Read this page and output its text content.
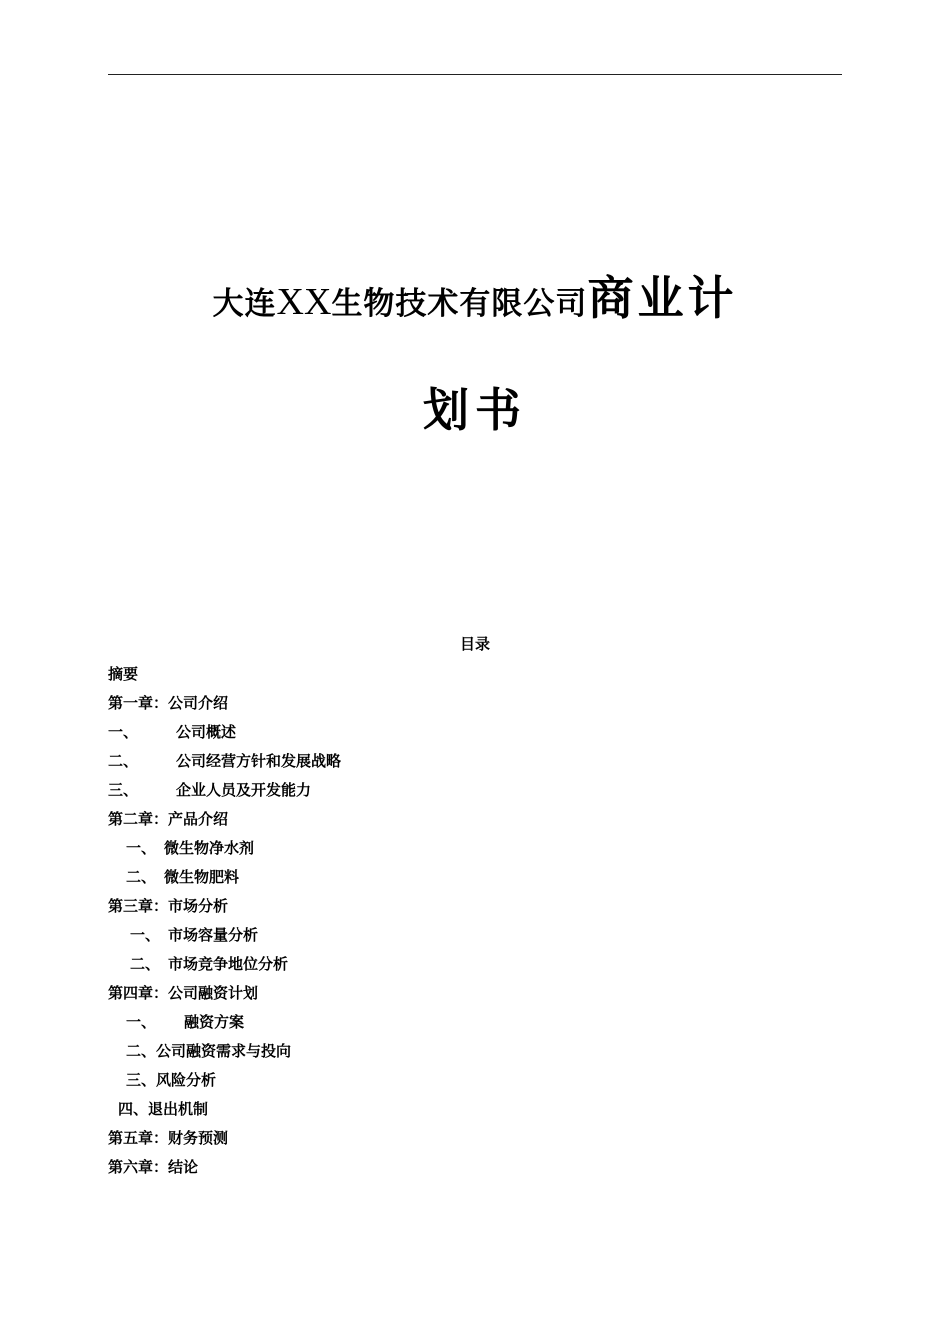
大连XX生物技术有限公司商业计
划书
目录
摘要
第一章：公司介绍
一、	公司概述
二、	公司经营方针和发展战略
三、	企业人员及开发能力
第二章：产品介绍
一、 微生物净水剂
二、 微生物肥料
第三章：市场分析
一、 市场容量分析
二、 市场竞争地位分析
第四章：公司融资计划
一、 融资方案
二、公司融资需求与投向
三、风险分析
四、退出机制
第五章：财务预测
第六章：结论
